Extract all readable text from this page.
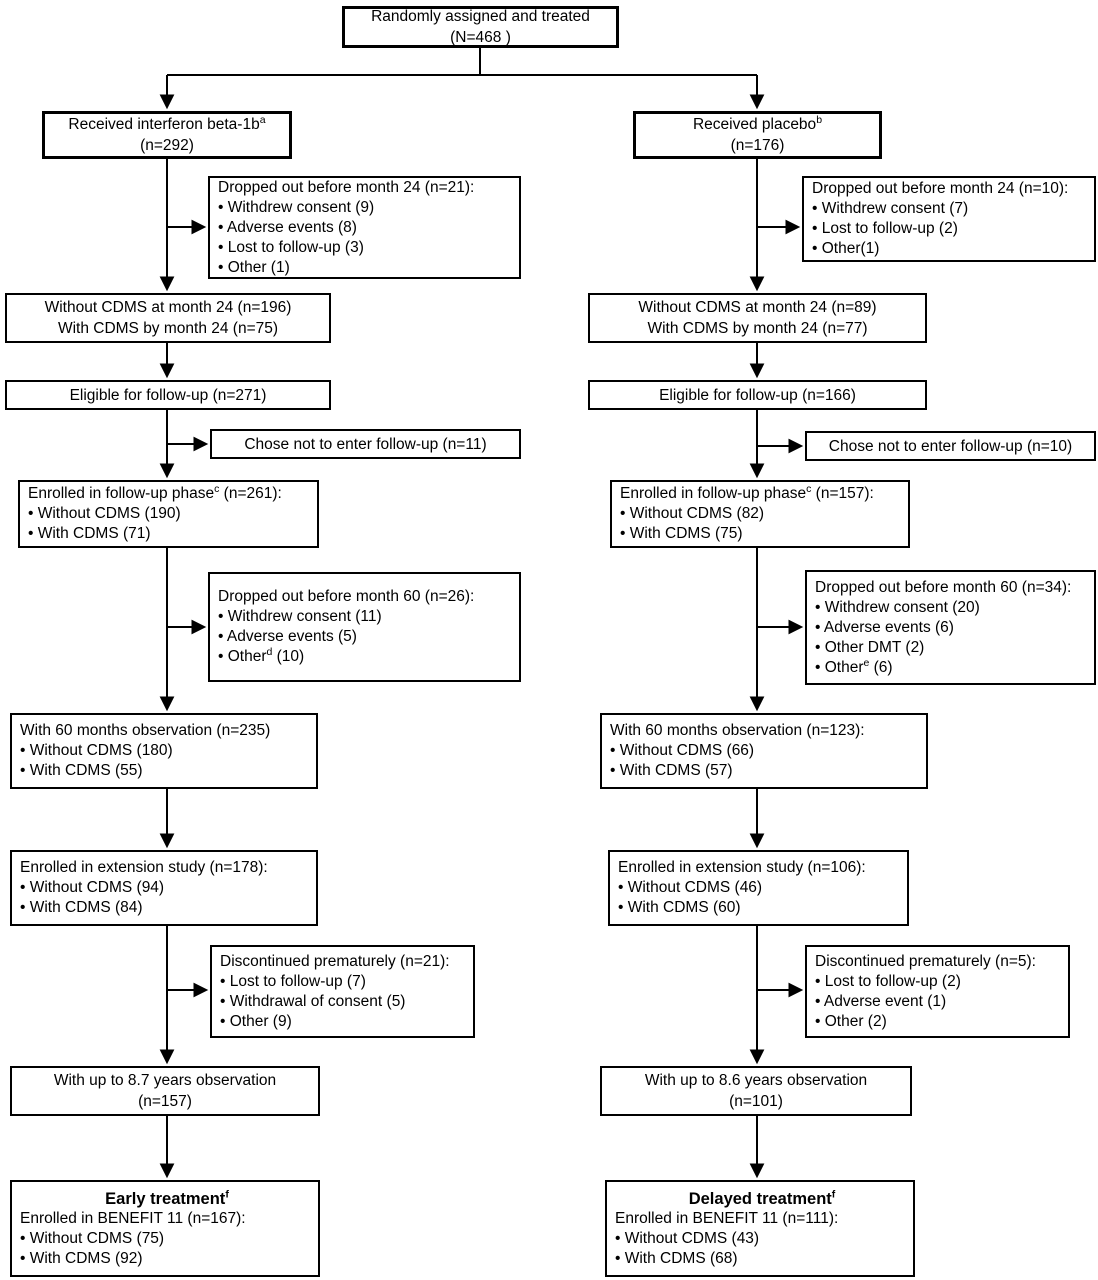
Randomly assigned and treated
(N=468 )
Received interferon beta-$1b^a$
(n=292)
Dropped out before month 24 (n=21):
• Withdrew consent (9)
• Adverse events (8)
• Lost to follow-up (3)
• Other (1)
Without CDMS at month 24 (n=196)
With CDMS by month 24 (n=75)
Eligible for follow-up (n=271)
Chose not to enter follow-up (n=11)
Enrolled in follow-up phase$^c$ (n=261):
• Without CDMS (190)
• With CDMS (71)
Dropped out before month 60 (n=26):
• Withdrew consent (11)
• Adverse events (5)
• Other$^d$ (10)
With 60 months observation (n=235)
• Without CDMS (180)
• With CDMS (55)
Enrolled in extension study (n=178):
• Without CDMS (94)
• With CDMS (84)
Discontinued prematurely (n=21):
• Lost to follow-up (7)
• Withdrawal of consent (5)
• Other (9)
With up to 8.7 years observation
(n=157)
Early treatment$^f$
Enrolled in BENEFIT 11 (n=167):
• Without CDMS (75)
• With CDMS (92)
Received placebo$^b$
(n=176)
Dropped out before month 24 (n=10):
• Withdrew consent (7)
• Lost to follow-up (2)
• Other(1)
Without CDMS at month 24 (n=89)
With CDMS by month 24 (n=77)
Eligible for follow-up (n=166)
Chose not to enter follow-up (n=10)
Enrolled in follow-up phase$^c$ (n=157):
• Without CDMS (82)
• With CDMS (75)
Dropped out before month 60 (n=34):
• Withdrew consent (20)
• Adverse events (6)
• Other DMT (2)
• Other$^e$ (6)
With 60 months observation (n=123):
• Without CDMS (66)
• With CDMS (57)
Enrolled in extension study (n=106):
• Without CDMS (46)
• With CDMS (60)
Discontinued prematurely (n=5):
• Lost to follow-up (2)
• Adverse event (1)
• Other (2)
With up to 8.6 years observation
(n=101)
Delayed treatment$^f$
Enrolled in BENEFIT 11 (n=111):
• Without CDMS (43)
• With CDMS (68)
